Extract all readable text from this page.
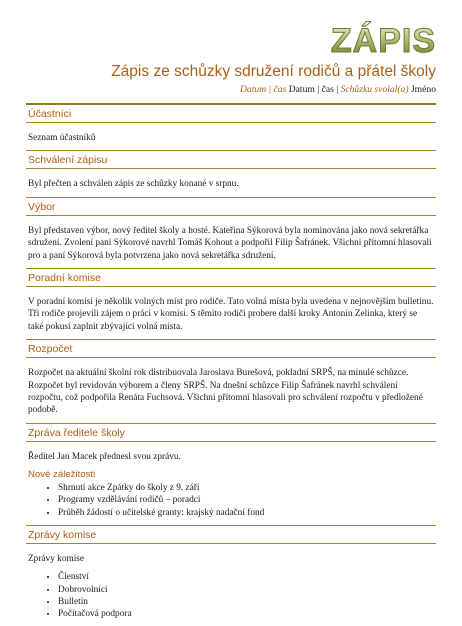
ZÁPIS
Zápis ze schůzky sdružení rodičů a přátel školy
Datum | čas Datum | čas | Schůzku svolal(a) Jméno
Účastníci

Seznam účastníků

Schválení zápisu

Byl přečten a schválen zápis ze schůzky konané v srpnu.

Výbor

Byl představen výbor, nový ředitel školy a hosté. Kateřina Sýkorová byla nominována jako nová sekretářka sdružení. Zvolení paní Sýkorové navrhl Tomáš Kohout a podpořil Filip Šafránek. Všichni přítomní hlasovali pro a paní Sýkorová byla potvrzena jako nová sekretářka sdružení.

Poradní komise

V poradní komisi je několik volných míst pro rodiče. Tato volná místa byla uvedena v nejnovějším bulletinu. Tři rodiče projevili zájem o práci v komisi. S těmito rodiči probere další kroky Antonín Zelinka, který se také pokusí zaplnit zbývající volná místa.

Rozpočet

Rozpočet na aktuální školní rok distribuovala Jaroslava Burešová, pokladní SRPŠ, na minulé schůzce. Rozpočet byl revidován výborem a členy SRPŠ. Na dnešní schůzce Filip Šafránek navrhl schválení rozpočtu, což podpořila Renáta Fuchsová. Všichni přítomní hlasovali pro schválení rozpočtu v předložené podobě.

Zpráva ředitele školy

Ředitel Jan Macek přednesl svou zprávu.

Nové záležitosti
• Shrnutí akce Zpátky do školy z 9. září
• Programy vzdělávání rodičů – poradci
• Průběh žádostí o učitelské granty: krajský nadační fond
Zprávy komise

Zprávy komise

• Členství
• Dobrovolníci
• Bulletin
• Počítačová podpora
